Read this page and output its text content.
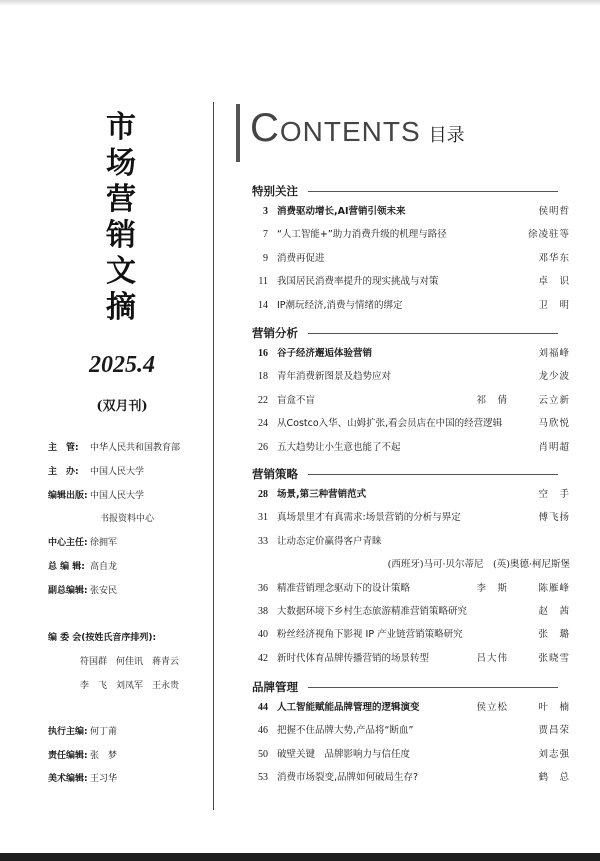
市
场
营
销
文
摘
2025.4
(双月刊)
主　管: 中华人民共和国教育部
主　办: 中国人民大学
编辑出版: 中国人民大学
书报资料中心
中心主任: 徐拥军
总 编 辑: 高自龙
副总编辑: 张安民
编 委 会(按姓氏音序排列):
符国群　何佳讯　蒋青云
李　飞　刘凤军　王永贵
执行主编: 何丁莆
责任编辑: 张　梦
美术编辑: 王习华
CONTENTS 目录
特别关注
3 消费驱动增长,AI营销引领未来	侯明哲
7 “人工智能+”助力消费升级的机理与路径	徐凌驻等
9 消费再促进	邓华东
11 我国居民消费率提升的现实挑战与对策	卓　识
14 IP潮玩经济,消费与情绪的绑定	卫　明
营销分析
16 谷子经济邂逅体验营销	刘福峰
18 青年消费新图景及趋势应对	龙少波
22 盲盒不盲	祁　倩	云立新
24 从Costco入华、山姆扩张,看会员店在中国的经营逻辑	马欣悦
26 五大趋势让小生意也能了不起	肖明超
营销策略
28 场景,第三种营销范式	空　手
31 真场景里才有真需求:场景营销的分析与界定	傅飞扬
33 让动态定价赢得客户青睐
(西班牙)马可·贝尔蒂尼　(英)奥德·柯尼斯堡
36 精准营销理念驱动下的设计策略	李　斯	陈雁峰
38 大数据环境下乡村生态旅游精准营销策略研究	赵　茜
40 粉丝经济视角下影视 IP 产业链营销策略研究	张　璐
42 新时代体育品牌传播营销的场景转型	吕大伟	张晓雪
品牌管理
44 人工智能赋能品牌管理的逻辑演变	侯立松	叶　楠
46 把握不住品牌大势,产品将“断血”	贾昌荣
50 破壁关键　品牌影响力与信任度	刘志强
53 消费市场裂变,品牌如何破局生存?	鹤　总
